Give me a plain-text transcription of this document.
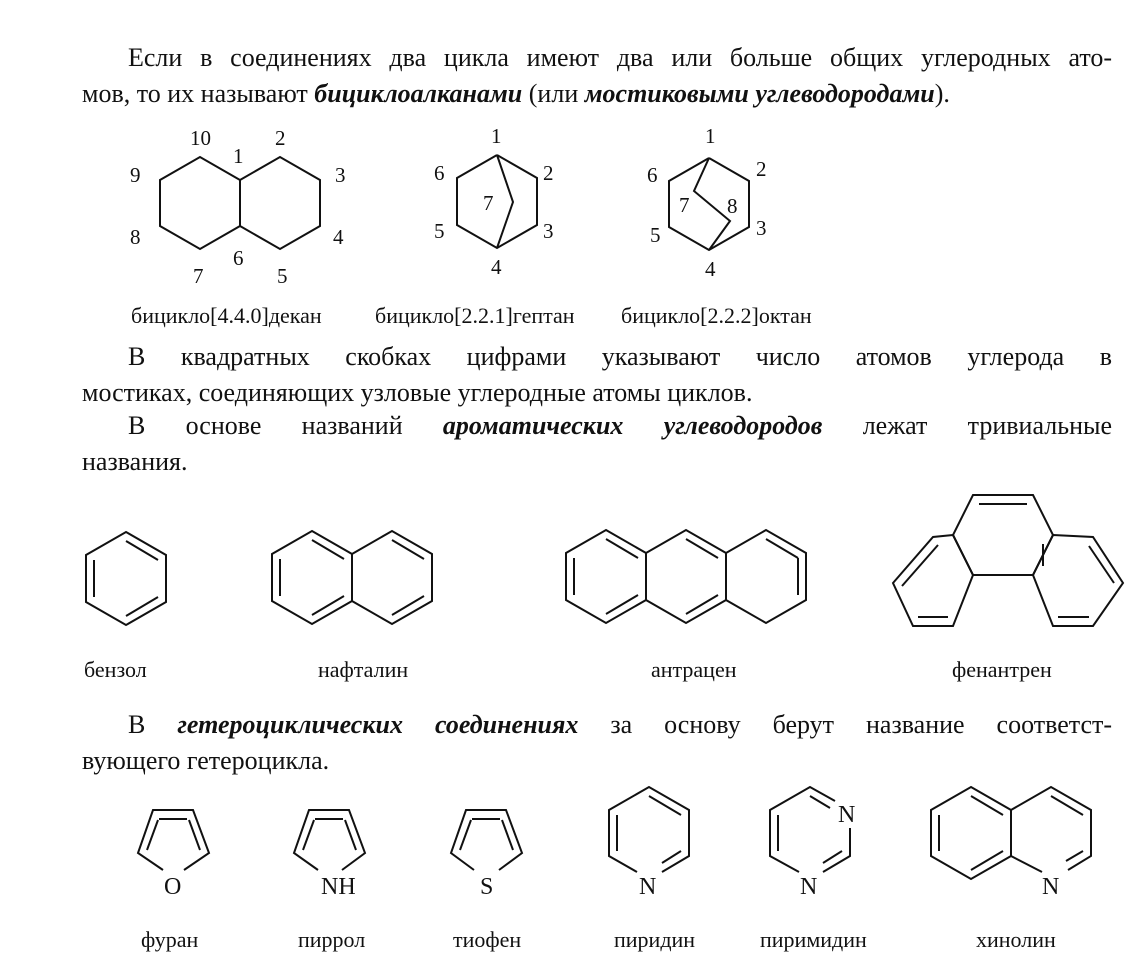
Если в соединениях два цикла имеют два или больше общих углеродных ато-

мов, то их называют бициклоалканами (или мостиковыми углеводородами).

10
1
2
3
4
5
6
7
8
9
1
2
3
4
5
6
7
1
2
3
4
5
6
7 8
бицикло[4.4.0]декан бицикло[2.2.1]гептан бицикло[2.2.2]октан

В квадратных скобках цифрами указывают число атомов углерода в

мостиках, соединяющих узловые углеродные атомы циклов.

В основе названий ароматических углеводородов лежат тривиальные

названия.

бензол	нафталин	антрацен	фенантрен

В гетероциклических соединениях за основу берут название соответст-

вующего гетероцикла.

O	NH	S	N
N
N	N
фуран	пиррол	тиофен	пиридин	пиримидин	хинолин
